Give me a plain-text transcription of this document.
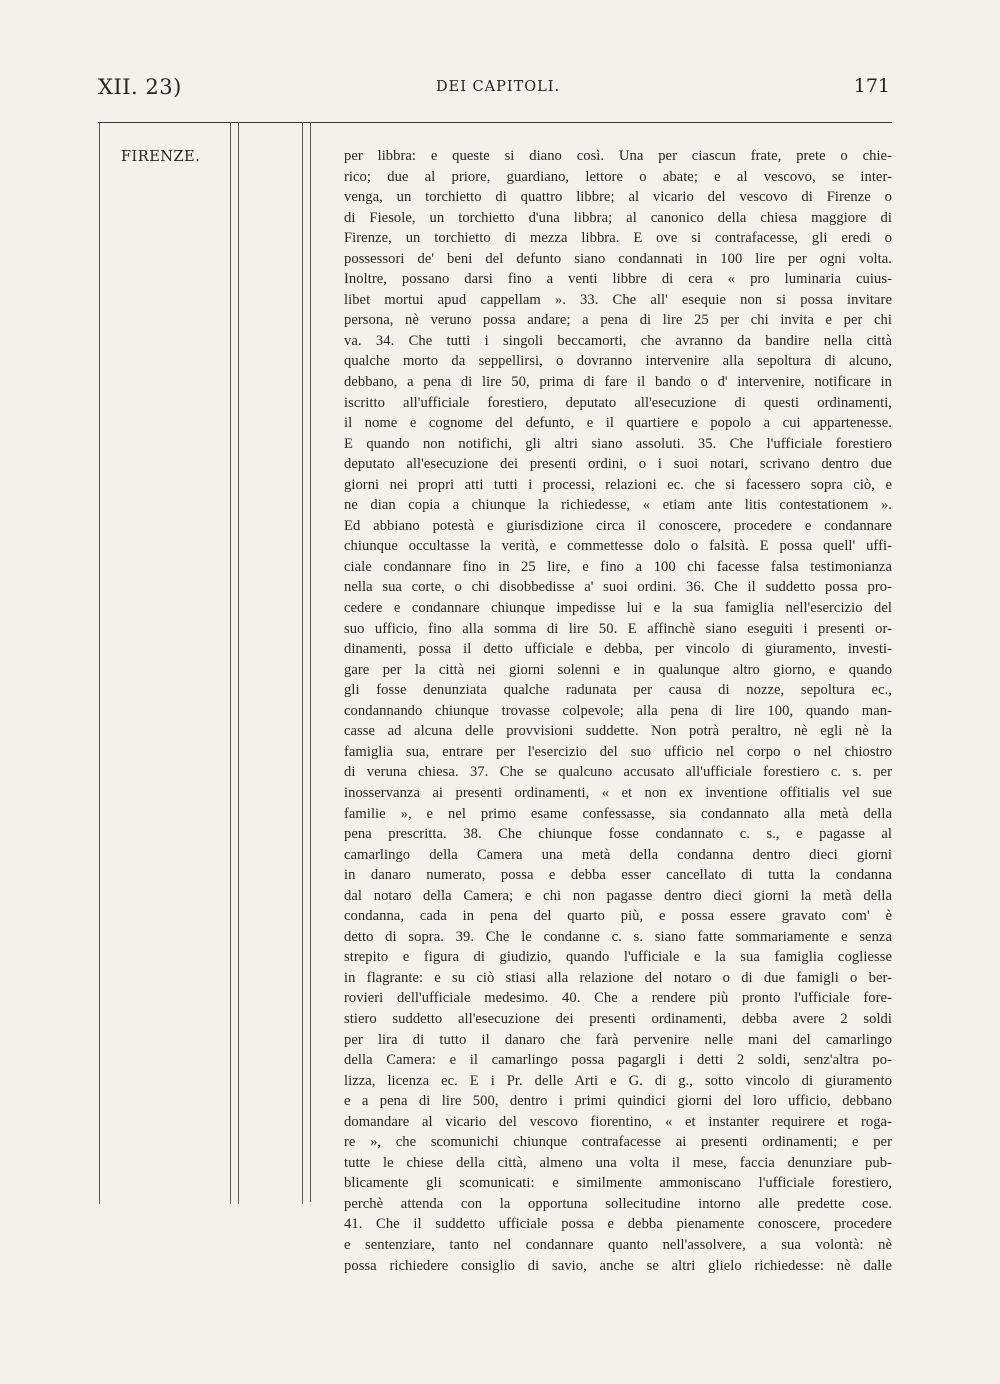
XII. 23)	DEI CAPITOLI.	171
FIRENZE.	per libbra: e queste si diano così. Una per ciascun frate, prete o chie-
rico; due al priore, guardiano, lettore o abate; e al vescovo, se inter-
venga, un torchietto di quattro libbre; al vicario del vescovo di Firenze o
di Fiesole, un torchietto d'una libbra; al canonico della chiesa maggiore di
Firenze, un torchietto di mezza libbra. E ove si contrafacesse, gli eredi o
possessori de' beni del defunto siano condannati in 100 lire per ogni volta.
Inoltre, possano darsi fino a venti libbre di cera « pro luminaria cuius-
libet mortui apud cappellam ». 33. Che all' esequie non si possa invitare
persona, nè veruno possa andare; a pena di lire 25 per chi invita e per chi
va. 34. Che tutti i singoli beccamorti, che avranno da bandire nella città
qualche morto da seppellirsi, o dovranno intervenire alla sepoltura di alcuno,
debbano, a pena di lire 50, prima di fare il bando o d' intervenire, notificare in
iscritto all'ufficiale forestiero, deputato all'esecuzione di questi ordinamenti,
il nome e cognome del defunto, e il quartiere e popolo a cui appartenesse.
E quando non notifichi, gli altri siano assoluti. 35. Che l'ufficiale forestiero
deputato all'esecuzione dei presenti ordini, o i suoi notari, scrivano dentro due
giorni nei propri atti tutti i processi, relazioni ec. che si facessero sopra ciò, e
ne dian copia a chiunque la richiedesse, « etiam ante litis contestationem ».
Ed abbiano potestà e giurisdizione circa il conoscere, procedere e condannare
chiunque occultasse la verità, e commettesse dolo o falsità. E possa quell' uffi-
ciale condannare fino in 25 lire, e fino a 100 chi facesse falsa testimonianza
nella sua corte, o chi disobbedisse a' suoi ordini. 36. Che il suddetto possa pro-
cedere e condannare chiunque impedisse lui e la sua famiglia nell'esercizio del
suo ufficio, fino alla somma di lire 50. E affinchè siano eseguiti i presenti or-
dinamenti, possa il detto ufficiale e debba, per vincolo di giuramento, investi-
gare per la città nei giorni solenni e in qualunque altro giorno, e quando
gli fosse denunziata qualche radunata per causa di nozze, sepoltura ec.,
condannando chiunque trovasse colpevole; alla pena di lire 100, quando man-
casse ad alcuna delle provvisioni suddette. Non potrà peraltro, nè egli nè la
famiglia sua, entrare per l'esercizio del suo ufficio nel corpo o nel chiostro
di veruna chiesa. 37. Che se qualcuno accusato all'ufficiale forestiero c. s. per
inosservanza ai presenti ordinamenti, « et non ex inventione offitialis vel sue
familie », e nel primo esame confessasse, sia condannato alla metà della
pena prescritta. 38. Che chiunque fosse condannato c. s., e pagasse al
camarlingo della Camera una metà della condanna dentro dieci giorni
in danaro numerato, possa e debba esser cancellato di tutta la condanna
dal notaro della Camera; e chi non pagasse dentro dieci giorni la metà della
condanna, cada in pena del quarto più, e possa essere gravato com' è
detto di sopra. 39. Che le condanne c. s. siano fatte sommariamente e senza
strepito e figura di giudizio, quando l'ufficiale e la sua famiglia cogliesse
in flagrante: e su ciò stiasi alla relazione del notaro o di due famigli o ber-
rovieri dell'ufficiale medesimo. 40. Che a rendere più pronto l'ufficiale fore-
stiero suddetto all'esecuzione dei presenti ordinamenti, debba avere 2 soldi
per lira di tutto il danaro che farà pervenire nelle mani del camarlingo
della Camera: e il camarlingo possa pagargli i detti 2 soldi, senz'altra po-
lizza, licenza ec. E i Pr. delle Arti e G. di g., sotto vincolo di giuramento
e a pena di lire 500, dentro i primi quindici giorni del loro ufficio, debbano
domandare al vicario del vescovo fiorentino, « et instanter requirere et roga-
re », che scomunichi chiunque contrafacesse ai presenti ordinamenti; e per
tutte le chiese della città, almeno una volta il mese, faccia denunziare pub-
blicamente gli scomunicati: e similmente ammoniscano l'ufficiale forestiero,
perchè attenda con la opportuna sollecitudine intorno alle predette cose.
41. Che il suddetto ufficiale possa e debba pienamente conoscere, procedere
e sentenziare, tanto nel condannare quanto nell'assolvere, a sua volontà: nè
possa richiedere consiglio di savio, anche se altri glielo richiedesse: nè dalle
